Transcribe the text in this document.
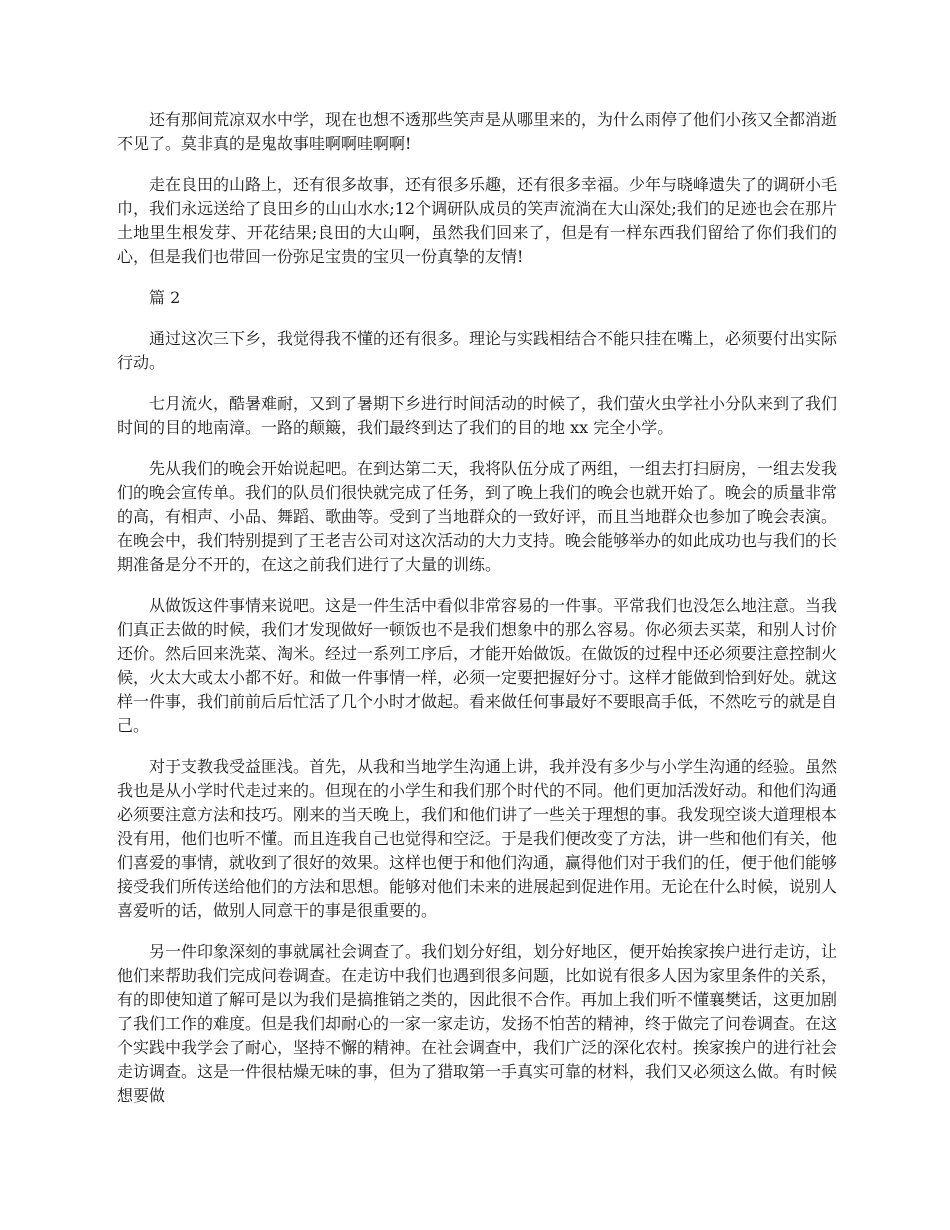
还有那间荒凉双水中学，现在也想不透那些笑声是从哪里来的，为什么雨停了他们小孩又全都消逝不见了。莫非真的是鬼故事哇啊啊哇啊啊!

走在良田的山路上，还有很多故事，还有很多乐趣，还有很多幸福。少年与晓峰遗失了的调研小毛巾，我们永远送给了良田乡的山山水水;12个调研队成员的笑声流淌在大山深处;我们的足迹也会在那片土地里生根发芽、开花结果;良田的大山啊，虽然我们回来了，但是有一样东西我们留给了你们我们的心，但是我们也带回一份弥足宝贵的宝贝一份真挚的友情!

篇 2

通过这次三下乡，我觉得我不懂的还有很多。理论与实践相结合不能只挂在嘴上，必须要付出实际行动。

七月流火，酷暑难耐，又到了暑期下乡进行时间活动的时候了，我们萤火虫学社小分队来到了我们时间的目的地南漳。一路的颠簸，我们最终到达了我们的目的地 xx 完全小学。

先从我们的晚会开始说起吧。在到达第二天，我将队伍分成了两组，一组去打扫厨房，一组去发我们的晚会宣传单。我们的队员们很快就完成了任务，到了晚上我们的晚会也就开始了。晚会的质量非常的高，有相声、小品、舞蹈、歌曲等。受到了当地群众的一致好评，而且当地群众也参加了晚会表演。在晚会中，我们特别提到了王老吉公司对这次活动的大力支持。晚会能够举办的如此成功也与我们的长期准备是分不开的，在这之前我们进行了大量的训练。

从做饭这件事情来说吧。这是一件生活中看似非常容易的一件事。平常我们也没怎么地注意。当我们真正去做的时候，我们才发现做好一顿饭也不是我们想象中的那么容易。你必须去买菜，和别人讨价还价。然后回来洗菜、淘米。经过一系列工序后，才能开始做饭。在做饭的过程中还必须要注意控制火候，火太大或太小都不好。和做一件事情一样，必须一定要把握好分寸。这样才能做到恰到好处。就这样一件事，我们前前后后忙活了几个小时才做起。看来做任何事最好不要眼高手低，不然吃亏的就是自己。

对于支教我受益匪浅。首先，从我和当地学生沟通上讲，我并没有多少与小学生沟通的经验。虽然我也是从小学时代走过来的。但现在的小学生和我们那个时代的不同。他们更加活泼好动。和他们沟通必须要注意方法和技巧。刚来的当天晚上，我们和他们讲了一些关于理想的事。我发现空谈大道理根本没有用，他们也听不懂。而且连我自己也觉得和空泛。于是我们便改变了方法，讲一些和他们有关，他们喜爱的事情，就收到了很好的效果。这样也便于和他们沟通，赢得他们对于我们的任，便于他们能够接受我们所传送给他们的方法和思想。能够对他们未来的进展起到促进作用。无论在什么时候，说别人喜爱听的话，做别人同意干的事是很重要的。

另一件印象深刻的事就属社会调查了。我们划分好组，划分好地区，便开始挨家挨户进行走访，让他们来帮助我们完成问卷调查。在走访中我们也遇到很多问题，比如说有很多人因为家里条件的关系，有的即使知道了解可是以为我们是搞推销之类的，因此很不合作。再加上我们听不懂襄樊话，这更加剧了我们工作的难度。但是我们却耐心的一家一家走访，发扬不怕苦的精神，终于做完了问卷调查。在这个实践中我学会了耐心，坚持不懈的精神。在社会调查中，我们广泛的深化农村。挨家挨户的进行社会走访调查。这是一件很枯燥无味的事，但为了猎取第一手真实可靠的材料，我们又必须这么做。有时候想要做
